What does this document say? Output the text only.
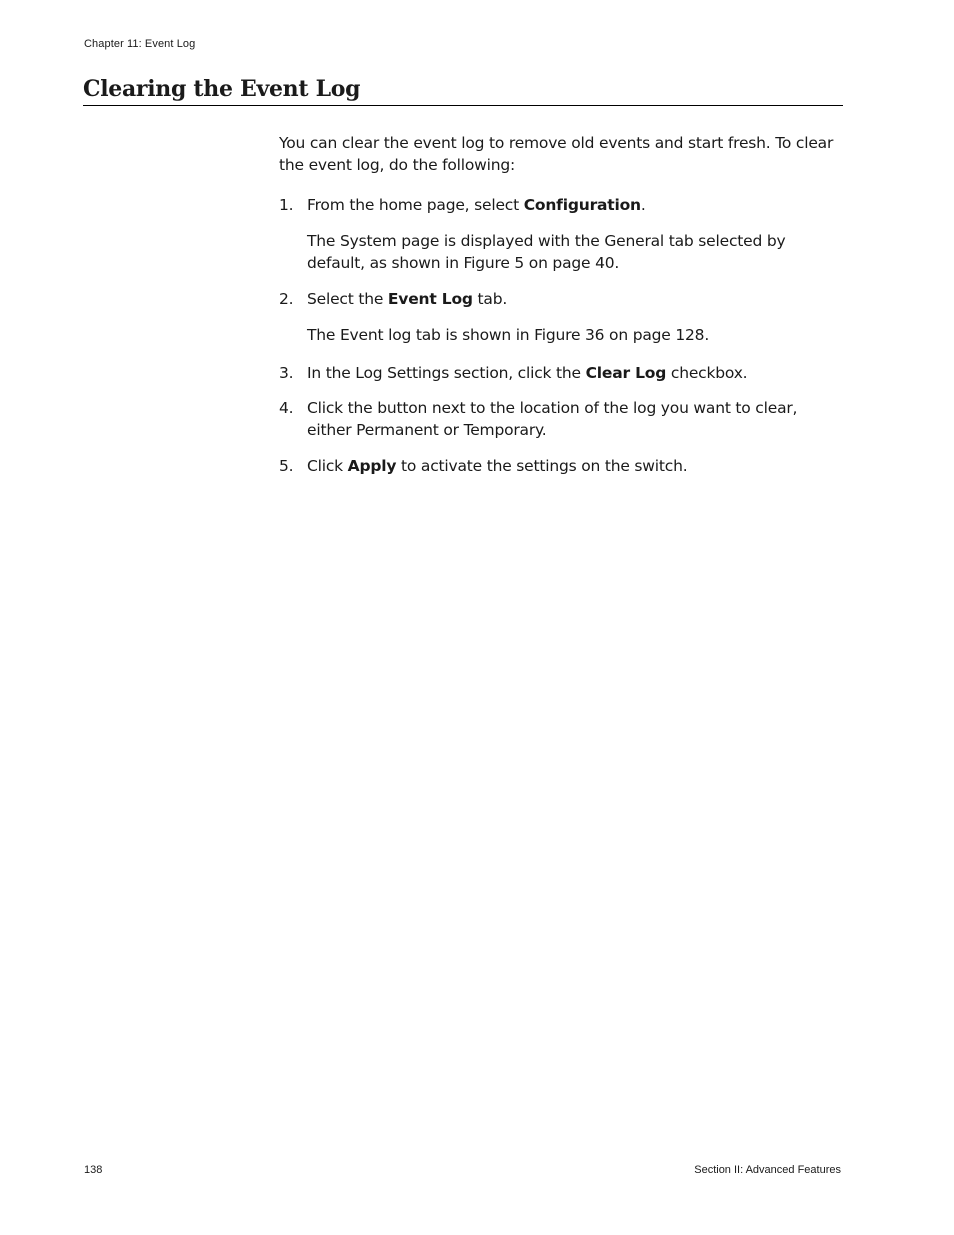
Chapter 11: Event Log
Clearing the Event Log

You can clear the event log to remove old events and start fresh. To clear the event log, do the following:

1. From the home page, select Configuration.

The System page is displayed with the General tab selected by default, as shown in Figure 5 on page 40.

2. Select the Event Log tab.

The Event log tab is shown in Figure 36 on page 128.

3. In the Log Settings section, click the Clear Log checkbox.

4. Click the button next to the location of the log you want to clear, either Permanent or Temporary.

5. Click Apply to activate the settings on the switch.

138	Section II: Advanced Features
